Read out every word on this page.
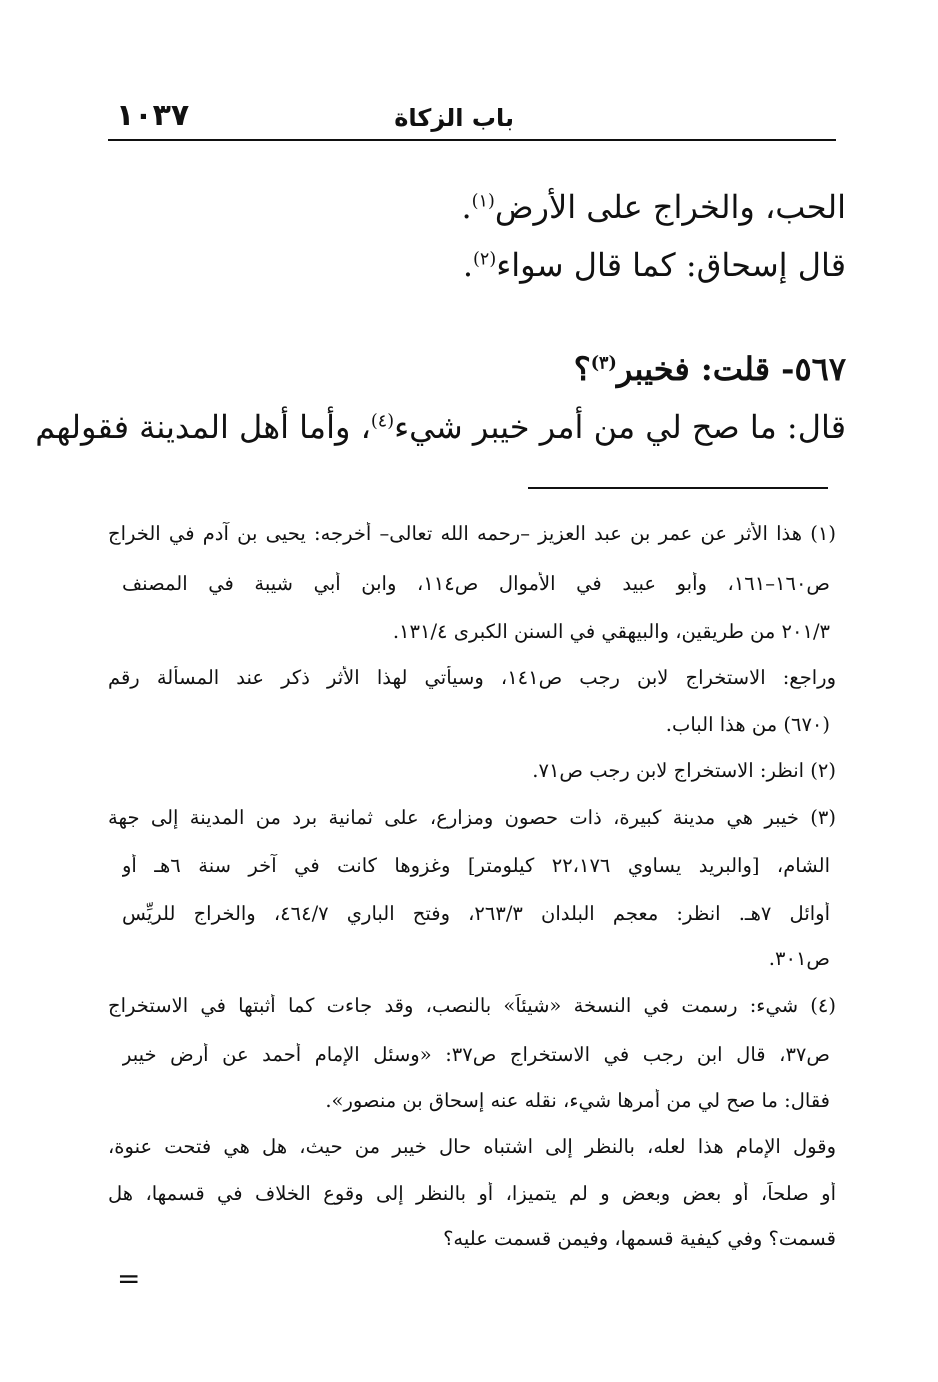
باب الزكاة
١٠٣٧
الحب، والخراج على الأرض$^{(١)}$.
قال إسحاق: كما قال سواء$^{(٢)}$.
٥٦٧- قلت: فخيبر$^{(٣)}$؟
قال: ما صح لي من أمر خيبر شيء$^{(٤)}$، وأما أهل المدينة فقولهم
(١) هذا الأثر عن عمر بن عبد العزيز –رحمه الله تعالى– أخرجه: يحيى بن آدم في الخراج
ص١٦٠–١٦١، وأبو عبيد في الأموال ص١١٤، وابن أبي شيبة في المصنف
٢٠١/٣ من طريقين، والبيهقي في السنن الكبرى ١٣١/٤.
وراجع: الاستخراج لابن رجب ص١٤١، وسيأتي لهذا الأثر ذكر عند المسألة رقم
(٦٧٠) من هذا الباب.
(٢) انظر: الاستخراج لابن رجب ص٧١.
(٣) خيبر هي مدينة كبيرة، ذات حصون ومزارع، على ثمانية برد من المدينة إلى جهة
الشام، [والبريد يساوي ٢٢،١٧٦ كيلومتر] وغزوها كانت في آخر سنة ٦هـ أو
أوائل ٧هـ. انظر: معجم البلدان ٢٦٣/٣، وفتح الباري ٤٦٤/٧، والخراج للريِّس
ص٣٠١.
(٤) شيء: رسمت في النسخة «شيئاً» بالنصب، وقد جاءت كما أثبتها في الاستخراج
ص٣٧، قال ابن رجب في الاستخراج ص٣٧: «وسئل الإمام أحمد عن أرض خيبر
فقال: ما صح لي من أمرها شيء، نقله عنه إسحاق بن منصور».
وقول الإمام هذا لعله، بالنظر إلى اشتباه حال خيبر من حيث، هل هي فتحت عنوة،
أو صلحاً، أو بعض وبعض و لم يتميزا، أو بالنظر إلى وقوع الخلاف في قسمها، هل
قسمت؟ وفي كيفية قسمها، وفيمن قسمت عليه؟
=
